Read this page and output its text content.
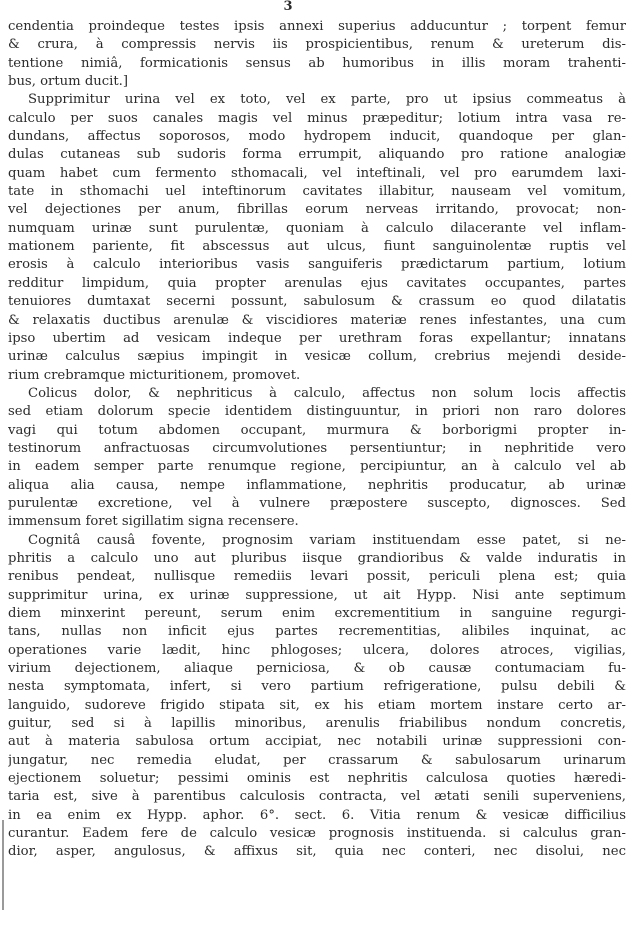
3
cendentia proindeque testes ipsis annexi superius adducuntur ; torpent femur
& crura, à compressis nervis iis prospicientibus, renum & ureterum dis-
tentione nimiâ, formicationis sensus ab humoribus in illis moram trahenti-
bus, ortum ducit.]
Supprimitur urina vel ex toto, vel ex parte, pro ut ipsius commeatus à
calculo per suos canales magis vel minus præpeditur; lotium intra vasa re-
dundans, affectus soporosos, modo hydropem inducit, quandoque per glan-
dulas cutaneas sub sudoris forma errumpit, aliquando pro ratione analogiæ
quam habet cum fermento sthomacali, vel inteftinali, vel pro earumdem laxi-
tate in sthomachi uel inteftinorum cavitates illabitur, nauseam vel vomitum,
vel dejectiones per anum, fibrillas eorum nerveas irritando, provocat; non-
numquam urinæ sunt purulentæ, quoniam à calculo dilacerante vel inflam-
mationem pariente, fit abscessus aut ulcus, fiunt sanguinolentæ ruptis vel
erosis à calculo interioribus vasis sanguiferis prædictarum partium, lotium
redditur limpidum, quia propter arenulas ejus cavitates occupantes, partes
tenuiores dumtaxat secerni possunt, sabulosum & crassum eo quod dilatatis
& relaxatis ductibus arenulæ & viscidiores materiæ renes infestantes, una cum
ipso ubertim ad vesicam indeque per urethram foras expellantur; innatans
urinæ calculus sæpius impingit in vesicæ collum, crebrius mejendi deside-
rium crebramque micturitionem, promovet.
Colicus dolor, & nephriticus à calculo, affectus non solum locis affectis
sed etiam dolorum specie identidem distinguuntur, in priori non raro dolores
vagi qui totum abdomen occupant, murmura & borborigmi propter in-
testinorum anfractuosas circumvolutiones persentiuntur; in nephritide vero
in eadem semper parte renumque regione, percipiuntur, an à calculo vel ab
aliqua alia causa, nempe inflammatione, nephritis producatur, ab urinæ
purulentæ excretione, vel à vulnere præpostere suscepto, dignosces. Sed
immensum foret sigillatim signa recensere.
Cognitâ causâ fovente, prognosim variam instituendam esse patet, si ne-
phritis a calculo uno aut pluribus iisque grandioribus & valde induratis in
renibus pendeat, nullisque remediis levari possit, periculi plena est; quia
supprimitur urina, ex urinæ suppressione, ut ait Hypp. Nisi ante septimum
diem minxerint pereunt, serum enim excrementitium in sanguine regurgi-
tans, nullas non inficit ejus partes recrementitias, alibiles inquinat, ac
operationes varie lædit, hinc phlogoses; ulcera, dolores atroces, vigilias,
virium dejectionem, aliaque perniciosa, & ob causæ contumaciam fu-
nesta symptomata, infert, si vero partium refrigeratione, pulsu debili &
languido, sudoreve frigido stipata sit, ex his etiam mortem instare certo ar-
guitur, sed si à lapillis minoribus, arenulis friabilibus nondum concretis,
aut à materia sabulosa ortum accipiat, nec notabili urinæ suppressioni con-
jungatur, nec remedia eludat, per crassarum & sabulosarum urinarum
ejectionem soluetur; pessimi ominis est nephritis calculosa quoties hæredi-
taria est, sive à parentibus calculosis contracta, vel ætati senili superveniens,
in ea enim ex Hypp. aphor. 6°. sect. 6. Vitia renum & vesicæ difficilius
curantur. Eadem fere de calculo vesicæ prognosis instituenda. si calculus gran-
dior, asper, angulosus, & affixus sit, quia nec conteri, nec disolui, nec
